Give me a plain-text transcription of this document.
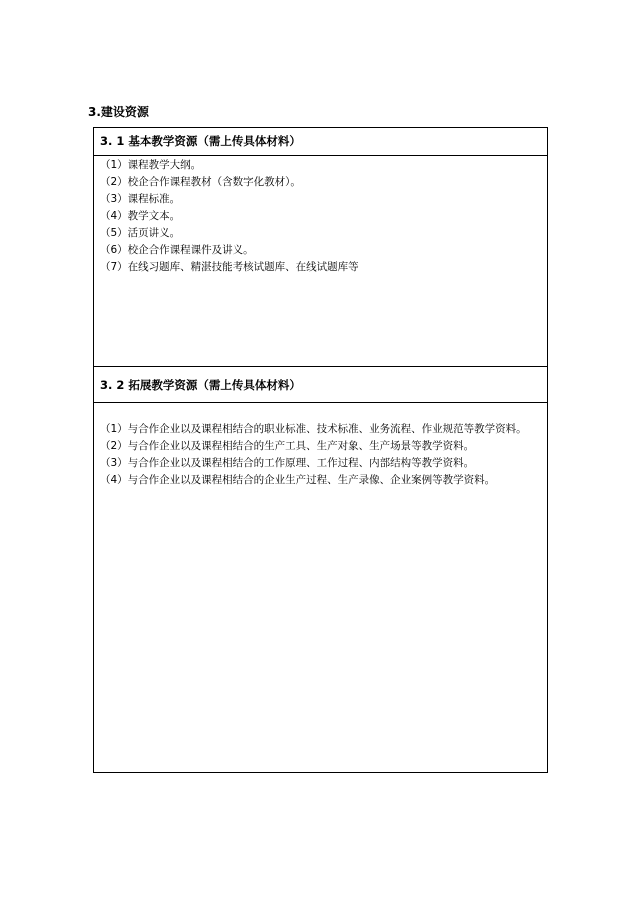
3.建设资源
3. 1 基本教学资源（需上传具体材料）
（1）课程教学大纲。
（2）校企合作课程教材（含数字化教材）。
（3）课程标准。
（4）教学文本。
（5）活页讲义。
（6）校企合作课程课件及讲义。
（7）在线习题库、精湛技能考核试题库、在线试题库等
3. 2 拓展教学资源（需上传具体材料）
（1）与合作企业以及课程相结合的职业标准、技术标准、业务流程、作业规范等教学资料。
（2）与合作企业以及课程相结合的生产工具、生产对象、生产场景等教学资料。
（3）与合作企业以及课程相结合的工作原理、工作过程、内部结构等教学资料。
（4）与合作企业以及课程相结合的企业生产过程、生产录像、企业案例等教学资料。
